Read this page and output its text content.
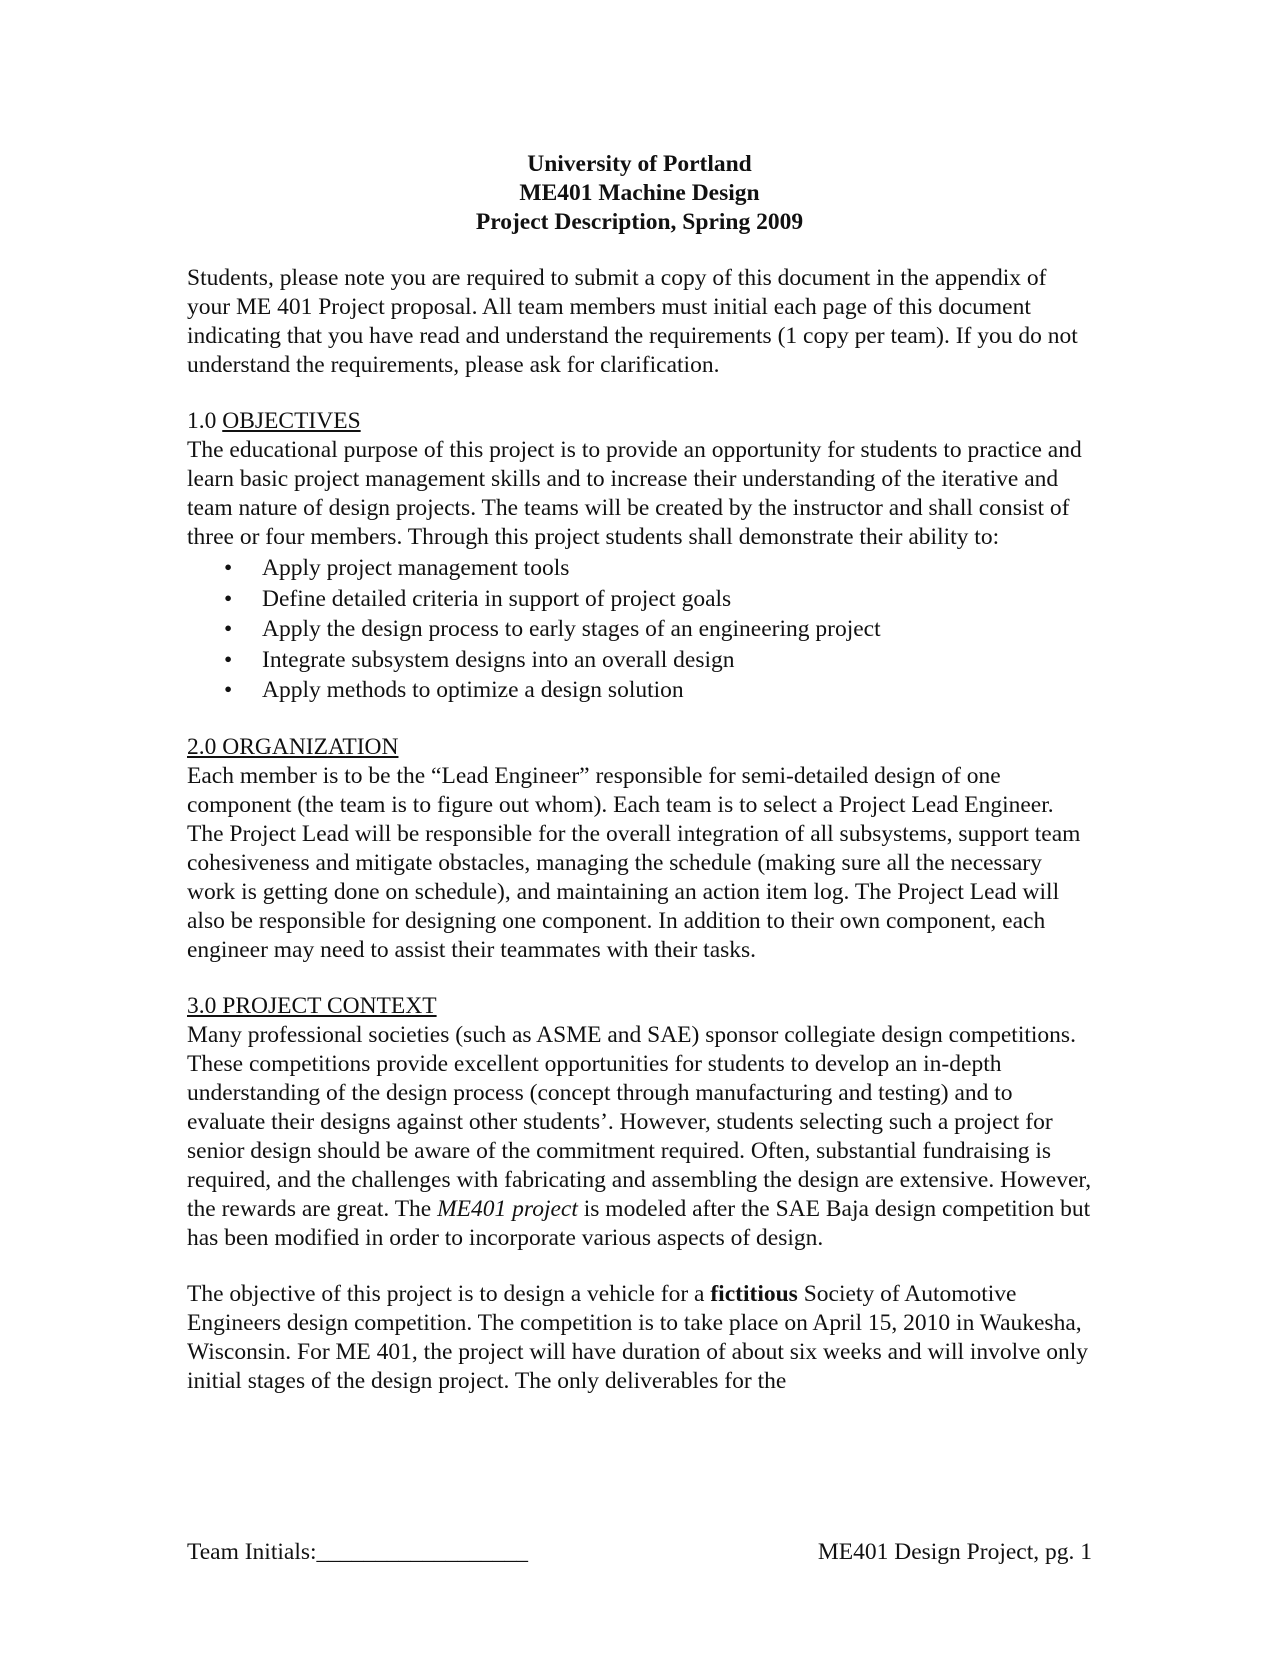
University of Portland
ME401 Machine Design
Project Description, Spring 2009

Students, please note you are required to submit a copy of this document in the appendix of your ME 401 Project proposal. All team members must initial each page of this document indicating that you have read and understand the requirements (1 copy per team). If you do not understand the requirements, please ask for clarification.

1.0 OBJECTIVES

The educational purpose of this project is to provide an opportunity for students to practice and learn basic project management skills and to increase their understanding of the iterative and team nature of design projects. The teams will be created by the instructor and shall consist of three or four members. Through this project students shall demonstrate their ability to:

• Apply project management tools
• Define detailed criteria in support of project goals
• Apply the design process to early stages of an engineering project
• Integrate subsystem designs into an overall design
• Apply methods to optimize a design solution
2.0 ORGANIZATION

Each member is to be the “Lead Engineer” responsible for semi-detailed design of one component (the team is to figure out whom). Each team is to select a Project Lead Engineer. The Project Lead will be responsible for the overall integration of all subsystems, support team cohesiveness and mitigate obstacles, managing the schedule (making sure all the necessary work is getting done on schedule), and maintaining an action item log. The Project Lead will also be responsible for designing one component. In addition to their own component, each engineer may need to assist their teammates with their tasks.

3.0 PROJECT CONTEXT

Many professional societies (such as ASME and SAE) sponsor collegiate design competitions. These competitions provide excellent opportunities for students to develop an in-depth understanding of the design process (concept through manufacturing and testing) and to evaluate their designs against other students’. However, students selecting such a project for senior design should be aware of the commitment required. Often, substantial fundraising is required, and the challenges with fabricating and assembling the design are extensive. However, the rewards are great. The ME401 project is modeled after the SAE Baja design competition but has been modified in order to incorporate various aspects of design.

The objective of this project is to design a vehicle for a fictitious Society of Automotive Engineers design competition. The competition is to take place on April 15, 2010 in Waukesha, Wisconsin. For ME 401, the project will have duration of about six weeks and will involve only initial stages of the design project. The only deliverables for the

Team Initials:__________________	ME401 Design Project, pg. 1
